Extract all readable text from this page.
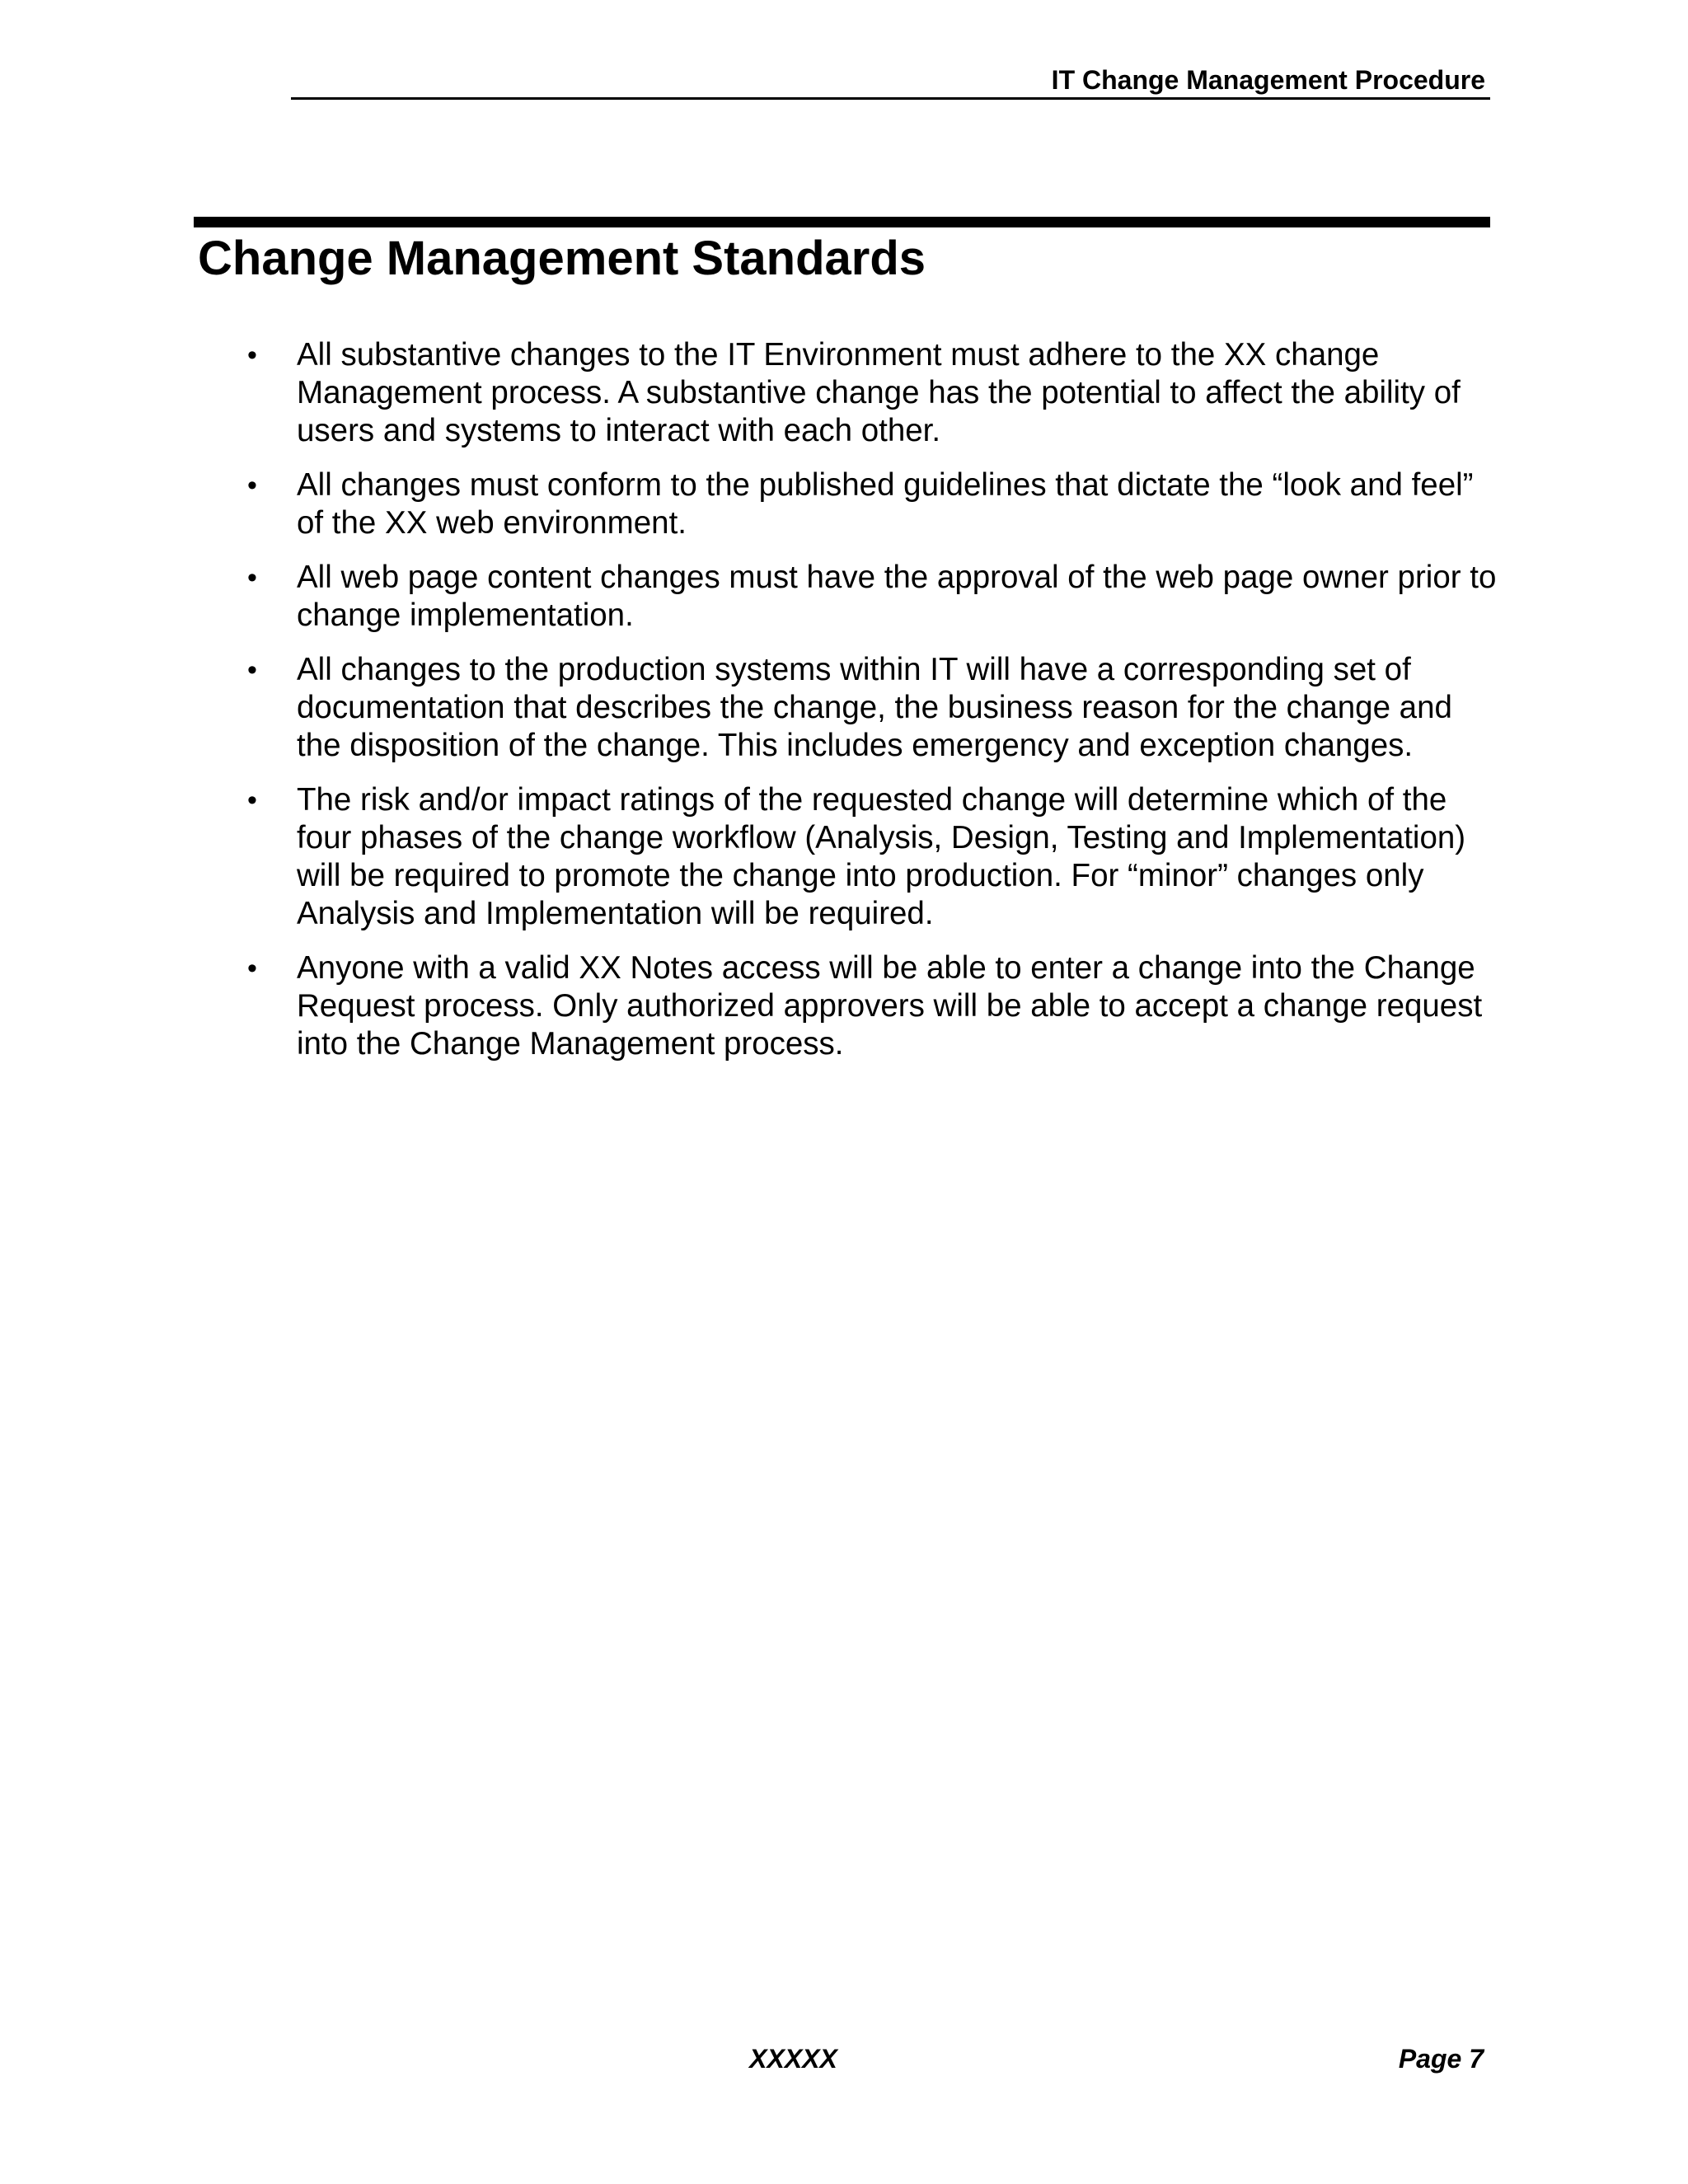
IT Change Management Procedure
Change Management Standards
• All substantive changes to the IT Environment must adhere to the XX change Management process. A substantive change has the potential to affect the ability of users and systems to interact with each other.
• All changes must conform to the published guidelines that dictate the “look and feel” of the XX web environment.
• All web page content changes must have the approval of the web page owner prior to change implementation.
• All changes to the production systems within IT will have a corresponding set of documentation that describes the change, the business reason for the change and the disposition of the change. This includes emergency and exception changes.
• The risk and/or impact ratings of the requested change will determine which of the four phases of the change workflow (Analysis, Design, Testing and Implementation) will be required to promote the change into production. For “minor” changes only Analysis and Implementation will be required.
• Anyone with a valid XX Notes access will be able to enter a change into the Change Request process. Only authorized approvers will be able to accept a change request into the Change Management process.
XXXXX	Page 7
